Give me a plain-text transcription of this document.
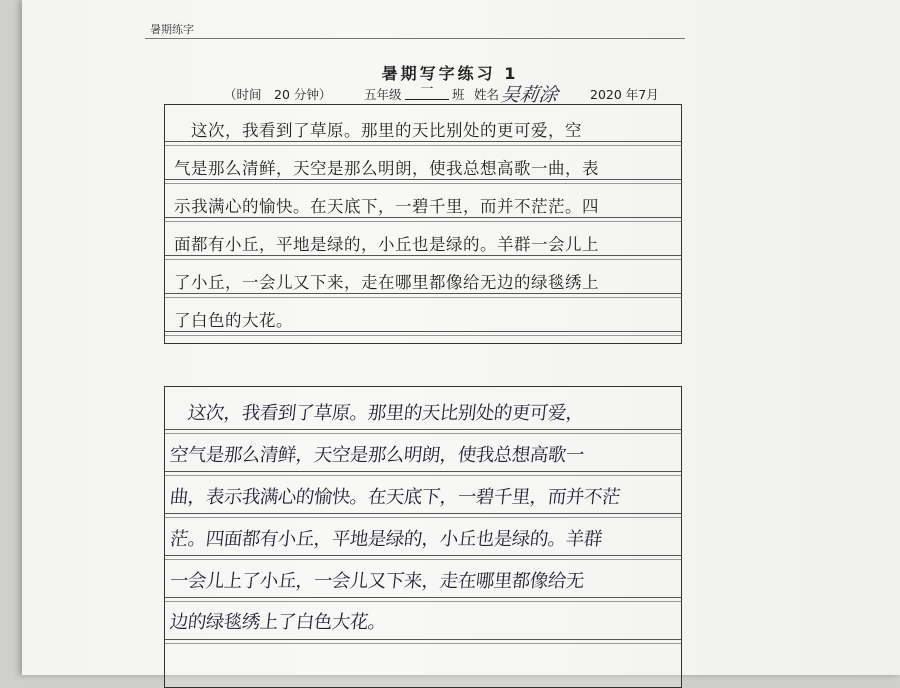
暑期练字
暑期写字练习 1
（时间　20 分钟）	五年级	一	班 姓名 吴莉涂 2020 年7月
　这次，我看到了草原。那里的天比别处的更可爱，空
气是那么清鲜，天空是那么明朗，使我总想高歌一曲，表
示我满心的愉快。在天底下，一碧千里，而并不茫茫。四
面都有小丘，平地是绿的，小丘也是绿的。羊群一会儿上
了小丘，一会儿又下来，走在哪里都像给无边的绿毯绣上
了白色的大花。
　这次，我看到了草原。那里的天比别处的更可爱，
空气是那么清鲜，天空是那么明朗，使我总想高歌一
曲，表示我满心的愉快。在天底下，一碧千里，而并不茫
茫。四面都有小丘，平地是绿的，小丘也是绿的。羊群
一会儿上了小丘，一会儿又下来，走在哪里都像给无
边的绿毯绣上了白色大花。
